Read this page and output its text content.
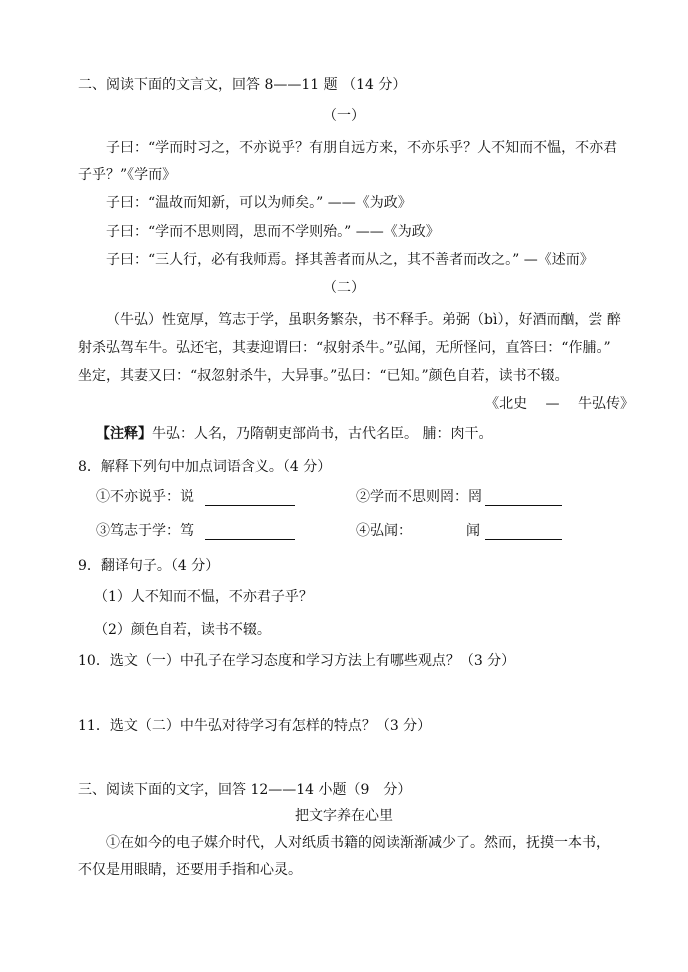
二、阅读下面的文言文，回答 8——11 题 （14 分）
（一）
子曰：“学而时习之，不亦说乎？有朋自远方来，不亦乐乎？人不知而不愠，不亦君
子乎？”《学而》
子曰：“温故而知新，可以为师矣。” ——《为政》
子曰：“学而不思则罔，思而不学则殆。” ——《为政》
子曰：“三人行，必有我师焉。择其善者而从之，其不善者而改之。” —《述而》
（二）
（牛弘）性宽厚，笃志于学，虽职务繁杂，书不释手。弟弼（bì），好酒而酗，尝 醉
射杀弘驾车牛。弘还宅，其妻迎谓曰：“叔射杀牛。”弘闻，无所怪问，直答曰：“作脯。”
坐定，其妻又曰：“叔忽射杀牛，大异事。”弘曰：“已知。”颜色自若，读书不辍。
《北史　 —　 牛弘传》
【注释】牛弘：人名，乃隋朝吏部尚书，古代名臣。 脯：肉干。
8．解释下列句中加点词语含义。（4 分）
①不亦说乎：说	②学而不思则罔：罔
③笃志于学：笃	④弘闻：	闻
9．翻译句子。（4 分）
（1）人不知而不愠，不亦君子乎？
（2）颜色自若，读书不辍。
10．选文（一）中孔子在学习态度和学习方法上有哪些观点？（3 分）
11．选文（二）中牛弘对待学习有怎样的特点？（3 分）
三、阅读下面的文字，回答 12——14 小题（9　分）
把文字养在心里
①在如今的电子媒介时代，人对纸质书籍的阅读渐渐减少了。然而，抚摸一本书，
不仅是用眼睛，还要用手指和心灵。
